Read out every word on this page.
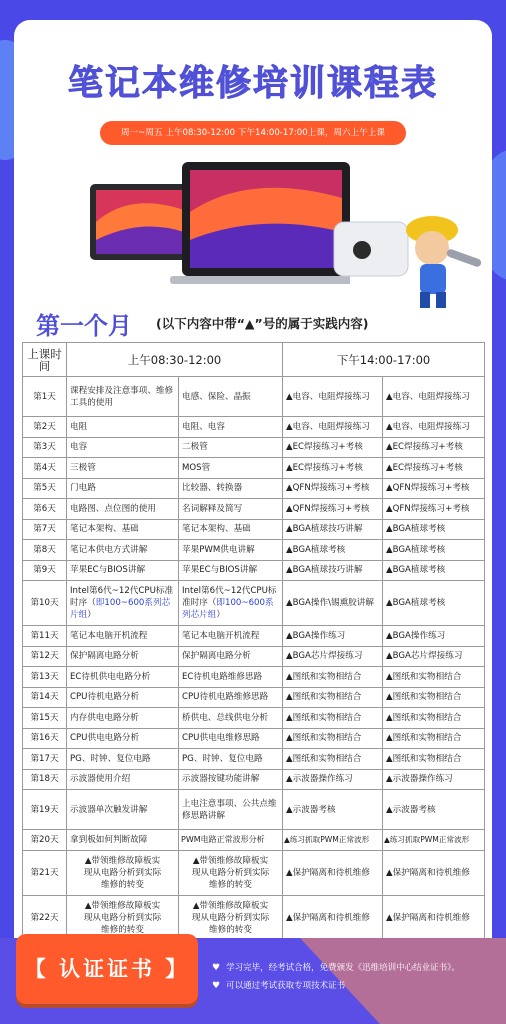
笔记本维修培训课程表
周一~周五 上午08:30-12:00 下午14:00-17:00上课，周六上午上课
第一个月 (以下内容中带“▲”号的属于实践内容)
上课时间	上午08:30-12:00		下午14:00-17:00	
第1天	课程安排及注意事项、维修工具的使用	电感、保险、晶振	▲电容、电阻焊接练习	▲电容、电阻焊接练习
第2天	电阻	电阻、电容	▲电容、电阻焊接练习	▲电容、电阻焊接练习
第3天	电容	二极管	▲EC焊接练习+考核	▲EC焊接练习+考核
第4天	三极管	MOS管	▲EC焊接练习+考核	▲EC焊接练习+考核
第5天	门电路	比较器、转换器	▲QFN焊接练习+考核	▲QFN焊接练习+考核
第6天	电路图、点位图的使用	名词解释及简写	▲QFN焊接练习+考核	▲QFN焊接练习+考核
第7天	笔记本架构、基础	笔记本架构、基础	▲BGA植球技巧讲解	▲BGA植球考核
第8天	笔记本供电方式讲解	苹果PWM供电讲解	▲BGA植球考核	▲BGA植球考核
第9天	苹果EC与BIOS讲解	苹果EC与BIOS讲解	▲BGA植球技巧讲解	▲BGA植球考核
第10天	Intel第6代~12代CPU标准时序（即100~600系列芯片组）	Intel第6代~12代CPU标准时序（即100~600系列芯片组）	▲BGA操作\锡熏胶讲解	▲BGA植球考核
第11天	笔记本电脑开机流程	笔记本电脑开机流程	▲BGA操作练习	▲BGA操作练习
第12天	保护隔离电路分析	保护隔离电路分析	▲BGA芯片焊接练习	▲BGA芯片焊接练习
第13天	EC待机供电电路分析	EC待机电路维修思路	▲图纸和实物相结合	▲图纸和实物相结合
第14天	CPU待机电路分析	CPU待机电路维修思路	▲图纸和实物相结合	▲图纸和实物相结合
第15天	内存供电电路分析	桥供电、总线供电分析	▲图纸和实物相结合	▲图纸和实物相结合
第16天	CPU供电电路分析	CPU供电电维修思路	▲图纸和实物相结合	▲图纸和实物相结合
第17天	PG、时钟、复位电路	PG、时钟、复位电路	▲图纸和实物相结合	▲图纸和实物相结合
第18天	示波器使用介绍	示波器按键功能讲解	▲示波器操作练习	▲示波器操作练习
第19天	示波器单次触发讲解	上电注意事项、公共点维修思路讲解	▲示波器考核	▲示波器考核
第20天	拿到板如何判断故障	PWM电路正常波形分析	▲练习抓取PWM正常波形	▲练习抓取PWM正常波形
第21天	▲带领维修故障板实现从电路分析到实际维修的转变	▲带领维修故障板实现从电路分析到实际维修的转变	▲保护隔离和待机维修	▲保护隔离和待机维修
第22天	▲带领维修故障板实现从电路分析到实际维修的转变	▲带领维修故障板实现从电路分析到实际维修的转变	▲保护隔离和待机维修	▲保护隔离和待机维修
【 认证证书 】	♥ 学习完毕，经考试合格，免费颁发《迅维培训中心结业证书》。
♥ 可以通过考试获取专项技术证书
